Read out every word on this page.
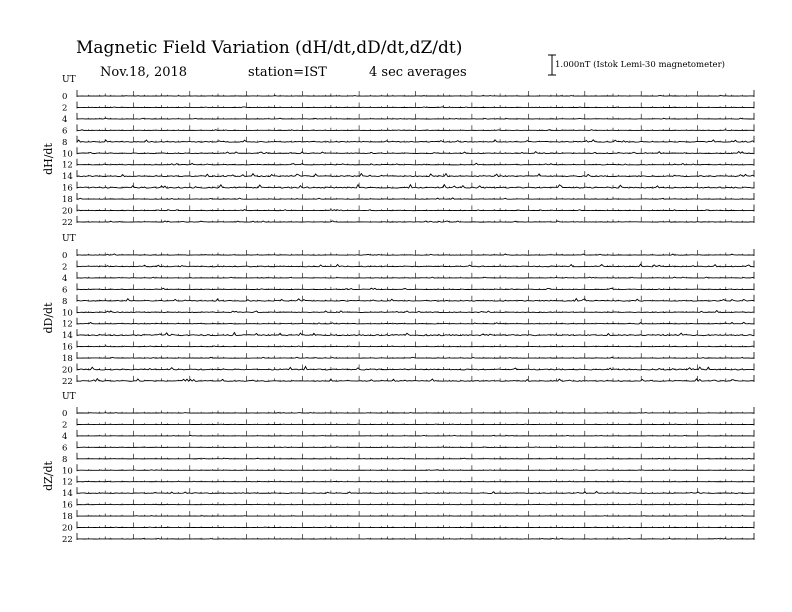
Magnetic Field Variation (dH/dt,dD/dt,dZ/dt)
Nov.18, 2018	station=IST	4 sec averages	1.000nT (Istok Lemi-30 magnetometer)
UT
dH/dt
0
2
4
6
8
10
12
14
16
18
20
22
UT
dD/dt
0
2
4
6
8
10
12
14
16
18
20
22
UT
dZ/dt
0
2
4
6
8
10
12
14
16
18
20
22
